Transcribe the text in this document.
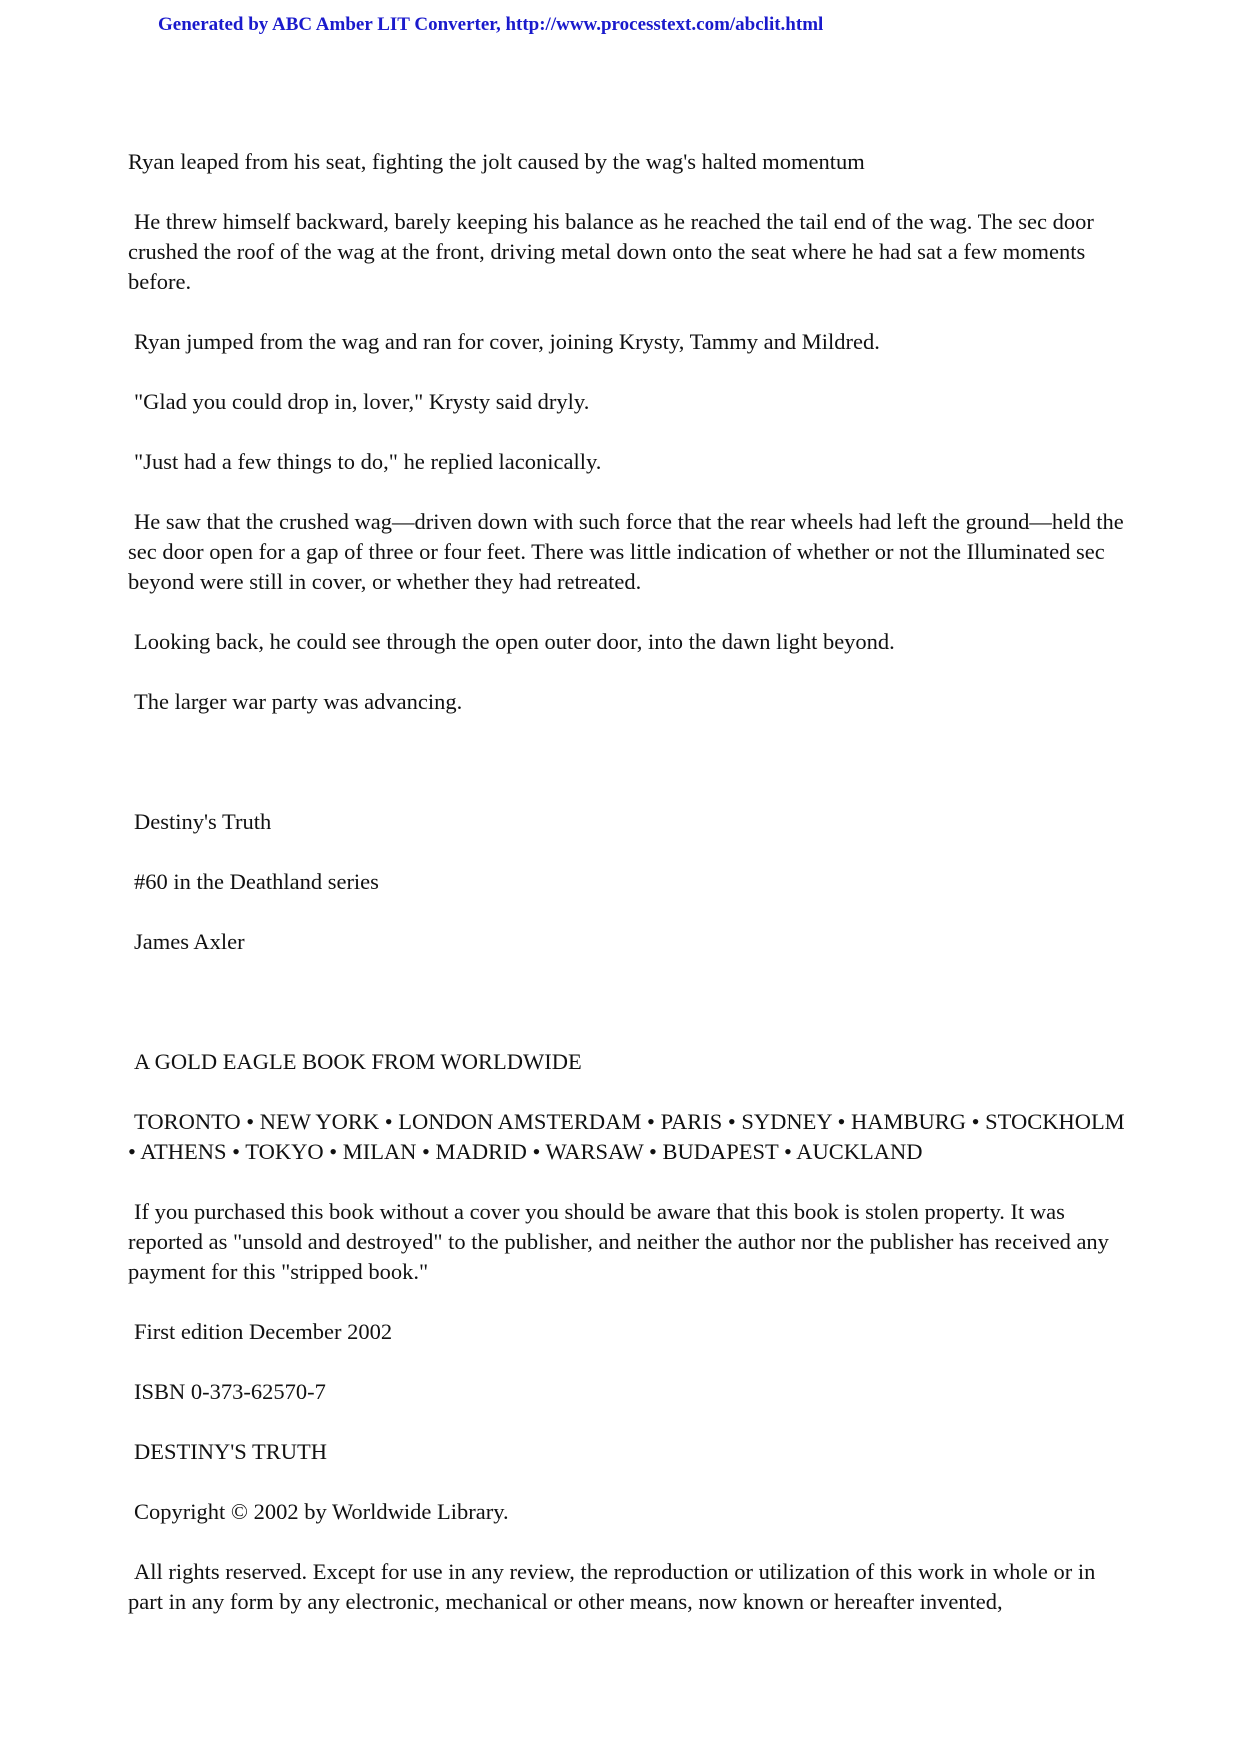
Generated by ABC Amber LIT Converter, http://www.processtext.com/abclit.html

Ryan leaped from his seat, fighting the jolt caused by the wag's halted momentum

He threw himself backward, barely keeping his balance as he reached the tail end of the wag. The sec door crushed the roof of the wag at the front, driving metal down onto the seat where he had sat a few moments before.

Ryan jumped from the wag and ran for cover, joining Krysty, Tammy and Mildred.

"Glad you could drop in, lover," Krysty said dryly.

"Just had a few things to do," he replied laconically.

He saw that the crushed wag—driven down with such force that the rear wheels had left the ground—held the sec door open for a gap of three or four feet. There was little indication of whether or not the Illuminated sec beyond were still in cover, or whether they had retreated.

Looking back, he could see through the open outer door, into the dawn light beyond.

The larger war party was advancing.

Destiny's Truth

#60 in the Deathland series

James Axler

A GOLD EAGLE BOOK FROM WORLDWIDE

TORONTO • NEW YORK • LONDON AMSTERDAM • PARIS • SYDNEY • HAMBURG • STOCKHOLM • ATHENS • TOKYO • MILAN • MADRID • WARSAW • BUDAPEST • AUCKLAND

If you purchased this book without a cover you should be aware that this book is stolen property. It was reported as "unsold and destroyed" to the publisher, and neither the author nor the publisher has received any payment for this "stripped book."

First edition December 2002

ISBN 0-373-62570-7

DESTINY'S TRUTH

Copyright © 2002 by Worldwide Library.

All rights reserved. Except for use in any review, the reproduction or utilization of this work in whole or in part in any form by any electronic, mechanical or other means, now known or hereafter invented,
